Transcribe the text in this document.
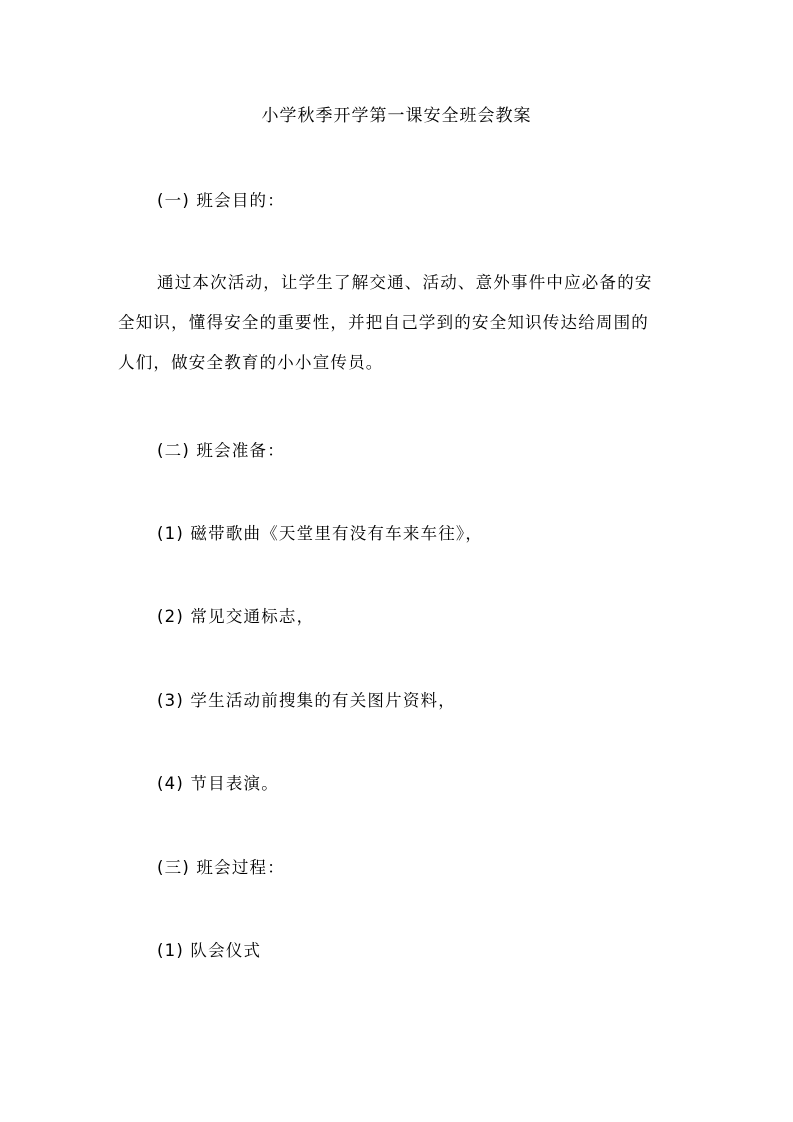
小学秋季开学第一课安全班会教案
(一) 班会目的：
通过本次活动，让学生了解交通、活动、意外事件中应必备的安
全知识，懂得安全的重要性，并把自己学到的安全知识传达给周围的
人们，做安全教育的小小宣传员。
(二) 班会准备：
(1) 磁带歌曲《天堂里有没有车来车往》，
(2) 常见交通标志，
(3) 学生活动前搜集的有关图片资料，
(4) 节目表演。
(三) 班会过程：
(1) 队会仪式
